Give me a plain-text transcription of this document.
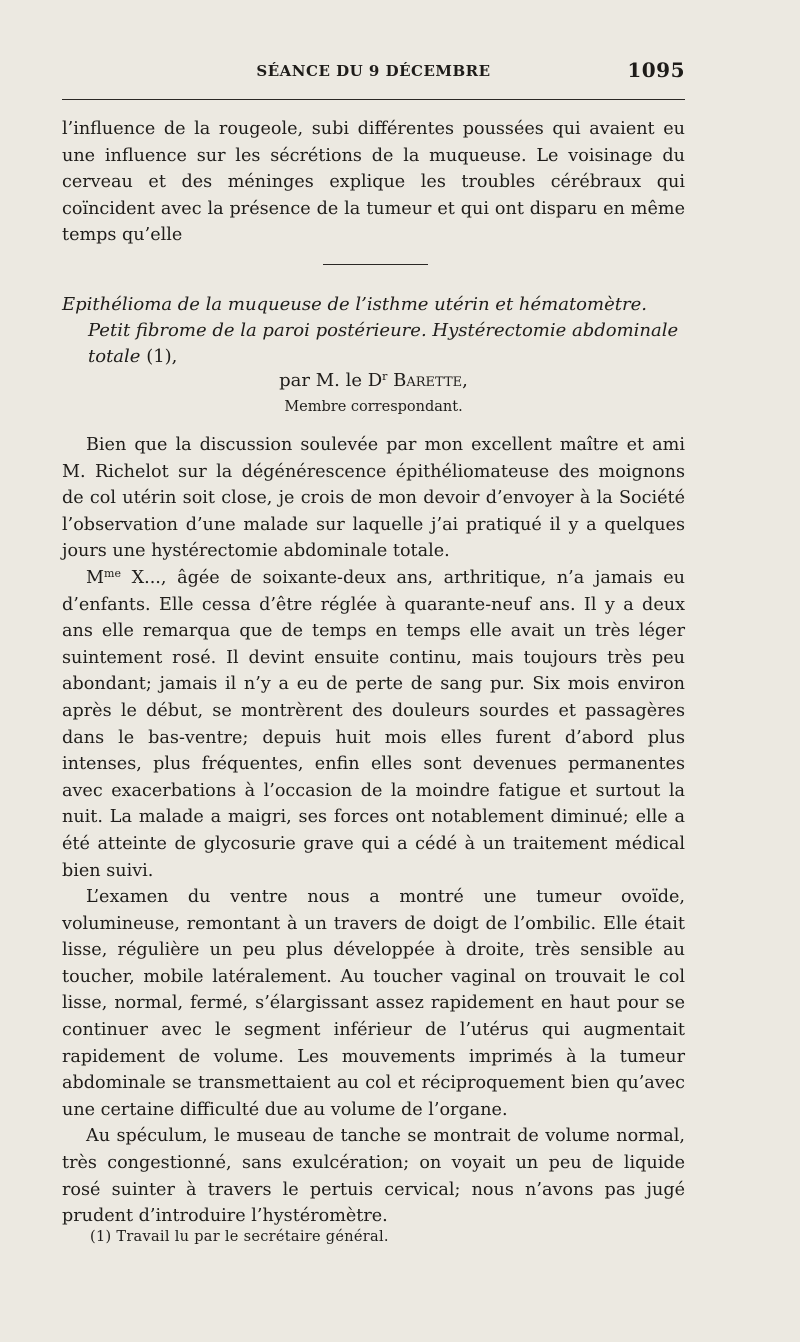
SÉANCE DU 9 DÉCEMBRE	1095

l’influence de la rougeole, subi différentes poussées qui avaient eu une influence sur les sécrétions de la muqueuse. Le voisinage du cerveau et des méninges explique les troubles cérébraux qui coïncident avec la présence de la tumeur et qui ont disparu en même temps qu’elle

Epithélioma de la muqueuse de l’isthme utérin et hématomètre.

Petit fibrome de la paroi postérieure. Hystérectomie abdominale totale (1),

par M. le $D^r$ Barette,
Membre correspondant.

Bien que la discussion soulevée par mon excellent maître et ami M. Richelot sur la dégénérescence épithéliomateuse des moignons de col utérin soit close, je crois de mon devoir d’envoyer à la Société l’observation d’une malade sur laquelle j’ai pratiqué il y a quelques jours une hystérectomie abdominale totale.

$M^{me}$ X..., âgée de soixante-deux ans, arthritique, n’a jamais eu d’enfants. Elle cessa d’être réglée à quarante-neuf ans. Il y a deux ans elle remarqua que de temps en temps elle avait un très léger suintement rosé. Il devint ensuite continu, mais toujours très peu abondant; jamais il n’y a eu de perte de sang pur. Six mois environ après le début, se montrèrent des douleurs sourdes et passagères dans le bas-ventre; depuis huit mois elles furent d’abord plus intenses, plus fréquentes, enfin elles sont devenues permanentes avec exacerbations à l’occasion de la moindre fatigue et surtout la nuit. La malade a maigri, ses forces ont notablement diminué; elle a été atteinte de glycosurie grave qui a cédé à un traitement médical bien suivi.

L’examen du ventre nous a montré une tumeur ovoïde, volumineuse, remontant à un travers de doigt de l’ombilic. Elle était lisse, régulière un peu plus développée à droite, très sensible au toucher, mobile latéralement. Au toucher vaginal on trouvait le col lisse, normal, fermé, s’élargissant assez rapidement en haut pour se continuer avec le segment inférieur de l’utérus qui augmentait rapidement de volume. Les mouvements imprimés à la tumeur abdominale se transmettaient au col et réciproquement bien qu’avec une certaine difficulté due au volume de l’organe.

Au spéculum, le museau de tanche se montrait de volume normal, très congestionné, sans exulcération; on voyait un peu de liquide rosé suinter à travers le pertuis cervical; nous n’avons pas jugé prudent d’introduire l’hystéromètre.

(1) Travail lu par le secrétaire général.
